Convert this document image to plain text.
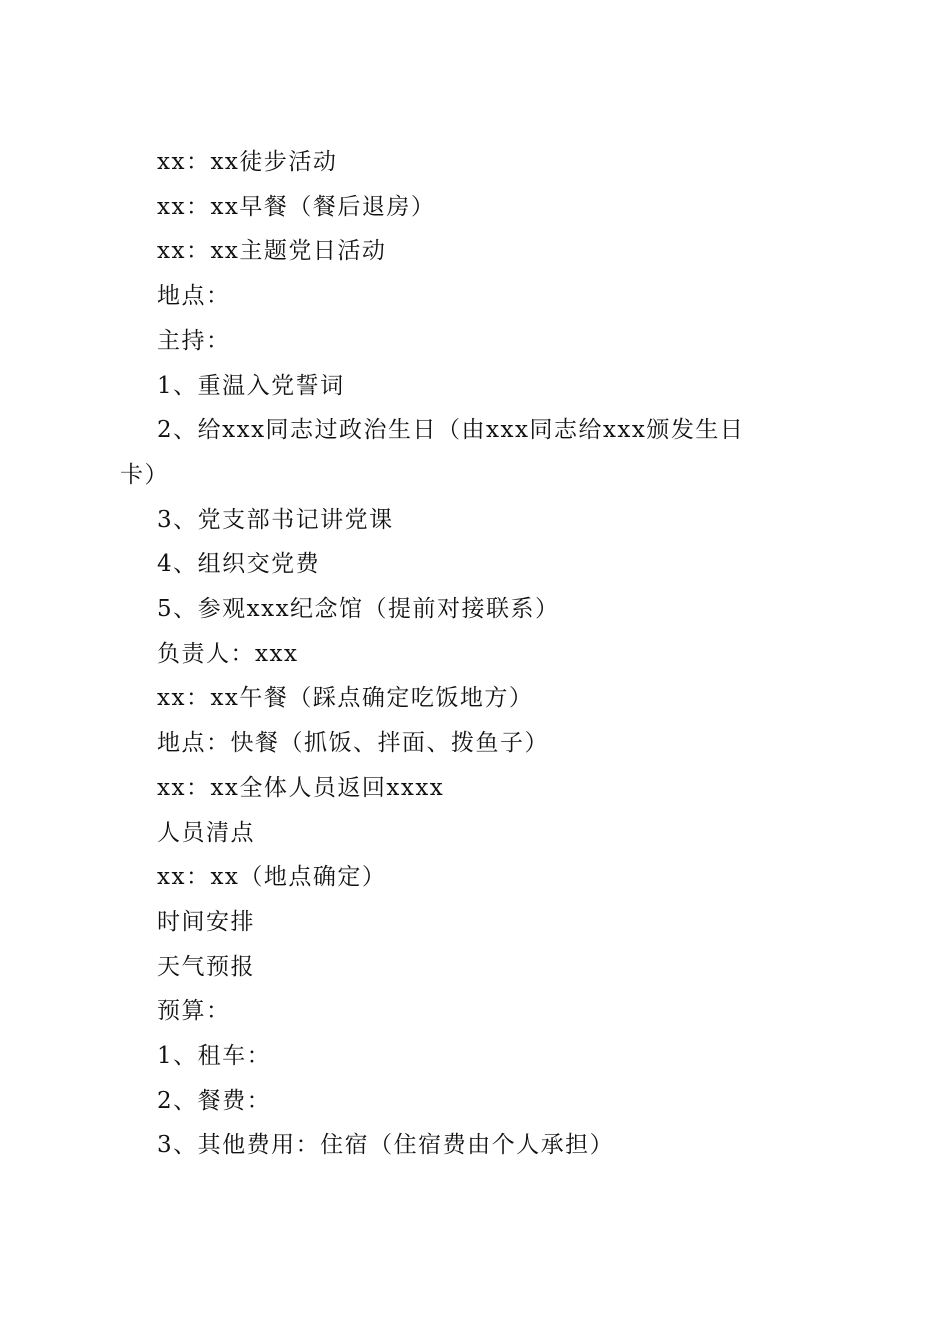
xx：xx徒步活动
xx：xx早餐（餐后退房）
xx：xx主题党日活动
地点：
主持：
1、重温入党誓词
2、给xxx同志过政治生日（由xxx同志给xxx颁发生日
卡）
3、党支部书记讲党课
4、组织交党费
5、参观xxx纪念馆（提前对接联系）
负责人：xxx
xx：xx午餐（踩点确定吃饭地方）
地点：快餐（抓饭、拌面、拨鱼子）
xx：xx全体人员返回xxxx
人员清点
xx：xx（地点确定）
时间安排
天气预报
预算：
1、租车：
2、餐费：
3、其他费用：住宿（住宿费由个人承担）
